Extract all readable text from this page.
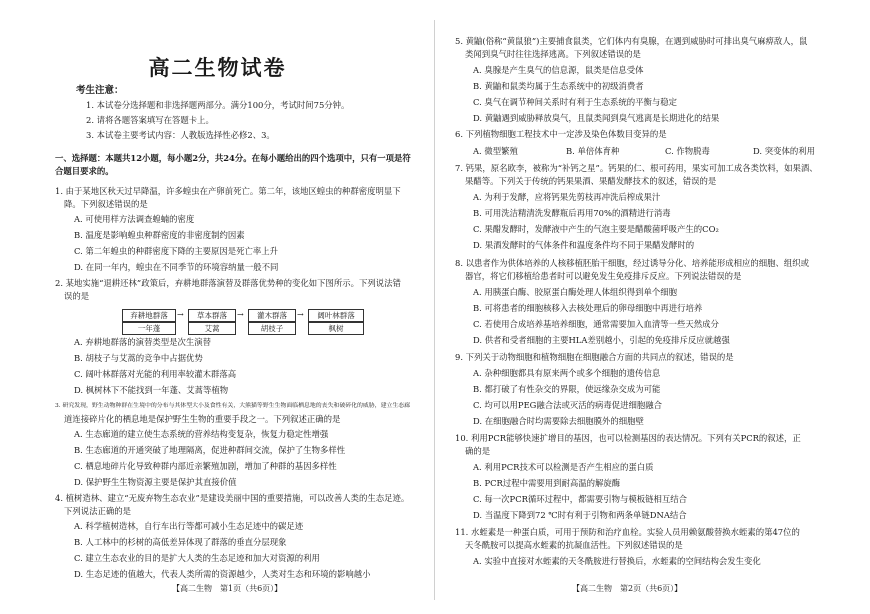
高二生物试卷
考生注意：
1. 本试卷分选择题和非选择题两部分。满分100分，考试时间75分钟。
2. 请将各题答案填写在答题卡上。
3. 本试卷主要考试内容：人教版选择性必修2、3。
一、选择题：本题共12小题，每小题2分，共24分。在每小题给出的四个选项中，只有一项是符
合题目要求的。
1. 由于某地区秋天过早降温，许多蝗虫在产卵前死亡。第二年，该地区蝗虫的种群密度明显下
降。下列叙述错误的是
A. 可使用样方法调查蝗蝻的密度
B. 温度是影响蝗虫种群密度的非密度制约因素
C. 第二年蝗虫的种群密度下降的主要原因是死亡率上升
D. 在同一年内，蝗虫在不同季节的环境容纳量一般不同
2. 某地实施“退耕还林”政策后，弃耕地群落演替及群落优势种的变化如下图所示。下列说法错
误的是
弃耕地群落	→	草本群落	→	灌木群落	→	阔叶林群落
一年蓬	艾蒿	胡枝子	枫树
A. 弃耕地群落的演替类型是次生演替
B. 胡枝子与艾蒿的竞争中占据优势
C. 阔叶林群落对光能的利用率较灌木群落高
D. 枫树林下不能找到一年蓬、艾蒿等植物
3. 研究发现，野生动物种群在生境中的分布与其体型大小及食性有关，大熊猫等野生生物面临栖息地的丧失和破碎化的威胁，建立生态廊
道连接碎片化的栖息地是保护野生生物的重要手段之一。下列叙述正确的是
A. 生态廊道的建立使生态系统的营养结构变复杂，恢复力稳定性增强
B. 生态廊道的开通突破了地理隔离，促进种群间交流，保护了生物多样性
C. 栖息地碎片化导致种群内部近亲繁殖加剧，增加了种群的基因多样性
D. 保护野生生物资源主要是保护其直接价值
4. 植树造林、建立“无废弃物生态农业”是建设美丽中国的重要措施，可以改善人类的生态足迹。
下列说法正确的是
A. 科学植树造林，自行车出行等都可减小生态足迹中的碳足迹
B. 人工林中的杉树的高低差异体现了群落的垂直分层现象
C. 建立生态农业的目的是扩大人类的生态足迹和加大对资源的利用
D. 生态足迹的值越大，代表人类所需的资源越少，人类对生态和环境的影响越小
【高二生物　第1页（共6页）】
5. 黄鼬(俗称“黄鼠狼”)主要捕食鼠类，它们体内有臭腺，在遇到威胁时可排出臭气麻痹敌人，鼠
类闻到臭气时往往选择逃离。下列叙述错误的是
A. 臭腺是产生臭气的信息源，鼠类是信息受体
B. 黄鼬和鼠类均属于生态系统中的初级消费者
C. 臭气在调节种间关系时有利于生态系统的平衡与稳定
D. 黄鼬遇到威胁释放臭气，且鼠类闻到臭气逃离是长期进化的结果
6. 下列植物细胞工程技术中一定涉及染色体数目变异的是
A. 微型繁殖	B. 单倍体育种	C. 作物脱毒	D. 突变体的利用
7. 钙果，原名欧李，被称为“补钙之星”。钙果的仁、根可药用，果实可加工成各类饮料，如果酒、
果醋等。下列关于传统的钙果果酒、果醋发酵技术的叙述，错误的是
A. 为利于发酵，应将钙果先剪枝再冲洗后榨成果汁
B. 可用洗洁精清洗发酵瓶后再用70%的酒精进行消毒
C. 果醋发酵时，发酵液中产生的气泡主要是醋酸菌呼吸产生的CO₂
D. 果酒发酵时的气体条件和温度条件均不同于果醋发酵时的
8. 以患者作为供体培养的人核移植胚胎干细胞，经过诱导分化、培养能形成相应的细胞、组织或
器官，将它们移植给患者时可以避免发生免疫排斥反应。下列说法错误的是
A. 用胰蛋白酶、胶原蛋白酶处理人体组织得到单个细胞
B. 可将患者的细胞核移入去核处理后的卵母细胞中再进行培养
C. 若使用合成培养基培养细胞，通常需要加入血清等一些天然成分
D. 供者和受者细胞的主要HLA差别越小，引起的免疫排斥反应就越强
9. 下列关于动物细胞和植物细胞在细胞融合方面的共同点的叙述，错误的是
A. 杂种细胞都具有原来两个或多个细胞的遗传信息
B. 都打破了有性杂交的界限，使远缘杂交成为可能
C. 均可以用PEG融合法或灭活的病毒促进细胞融合
D. 在细胞融合时均需要除去细胞膜外的细胞壁
10. 利用PCR能够快速扩增目的基因，也可以检测基因的表达情况。下列有关PCR的叙述，正
确的是
A. 利用PCR技术可以检测是否产生相应的蛋白质
B. PCR过程中需要用到耐高温的解旋酶
C. 每一次PCR循环过程中，都需要引物与模板链相互结合
D. 当温度下降到72 ℃时有利于引物和两条单链DNA结合
11. 水蛭素是一种蛋白质，可用于预防和治疗血栓。实验人员用赖氨酸替换水蛭素的第47位的
天冬酰胺可以提高水蛭素的抗凝血活性。下列叙述错误的是
A. 实验中直接对水蛭素的天冬酰胺进行替换后，水蛭素的空间结构会发生变化
【高二生物　第2页（共6页）】
